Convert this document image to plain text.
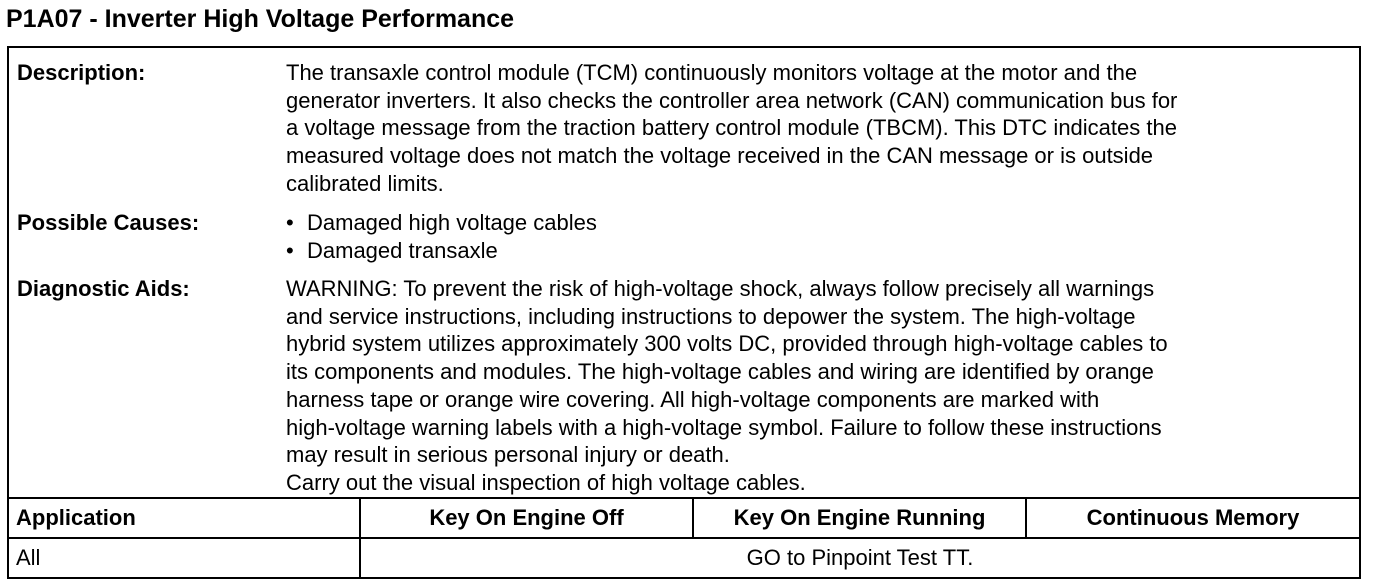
P1A07 - Inverter High Voltage Performance
Description:	The transaxle control module (TCM) continuously monitors voltage at the motor and the
generator inverters. It also checks the controller area network (CAN) communication bus for
a voltage message from the traction battery control module (TBCM). This DTC indicates the
measured voltage does not match the voltage received in the CAN message or is outside
calibrated limits.
Possible Causes:	• Damaged high voltage cables
• Damaged transaxle
Diagnostic Aids:	WARNING: To prevent the risk of high-voltage shock, always follow precisely all warnings
and service instructions, including instructions to depower the system. The high-voltage
hybrid system utilizes approximately 300 volts DC, provided through high-voltage cables to
its components and modules. The high-voltage cables and wiring are identified by orange
harness tape or orange wire covering. All high-voltage components are marked with
high-voltage warning labels with a high-voltage symbol. Failure to follow these instructions
may result in serious personal injury or death.
Carry out the visual inspection of high voltage cables.
Application	Key On Engine Off	Key On Engine Running	Continuous Memory
All	GO to Pinpoint Test TT.
